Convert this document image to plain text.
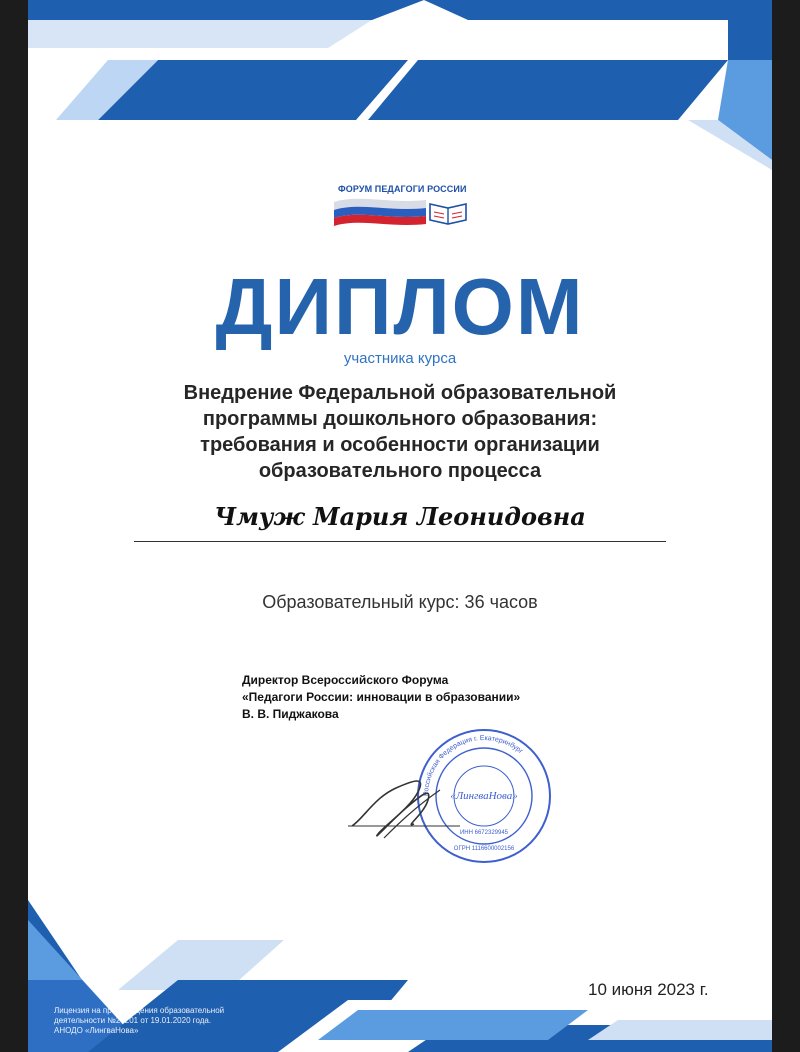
ФОРУМ ПЕДАГОГИ РОССИИ
ДИПЛОМ
участника курса
Внедрение Федеральной образовательной
программы дошкольного образования:
требования и особенности организации
образовательного процесса
Чмуж Мария Леонидовна
Образовательный курс: 36 часов
Директор Всероссийского Форума
«Педагоги России: инновации в образовании»
В. В. Пиджакова
Российская Федерация г. Екатеринбург
«ЛингваНова»
ИНН 6672329945
ОГРН 1116600002156
10 июня 2023 г.
Лицензия на право ведения образовательной
деятельности №20201 от 19.01.2020 года.
АНОДО «ЛингваНова»
